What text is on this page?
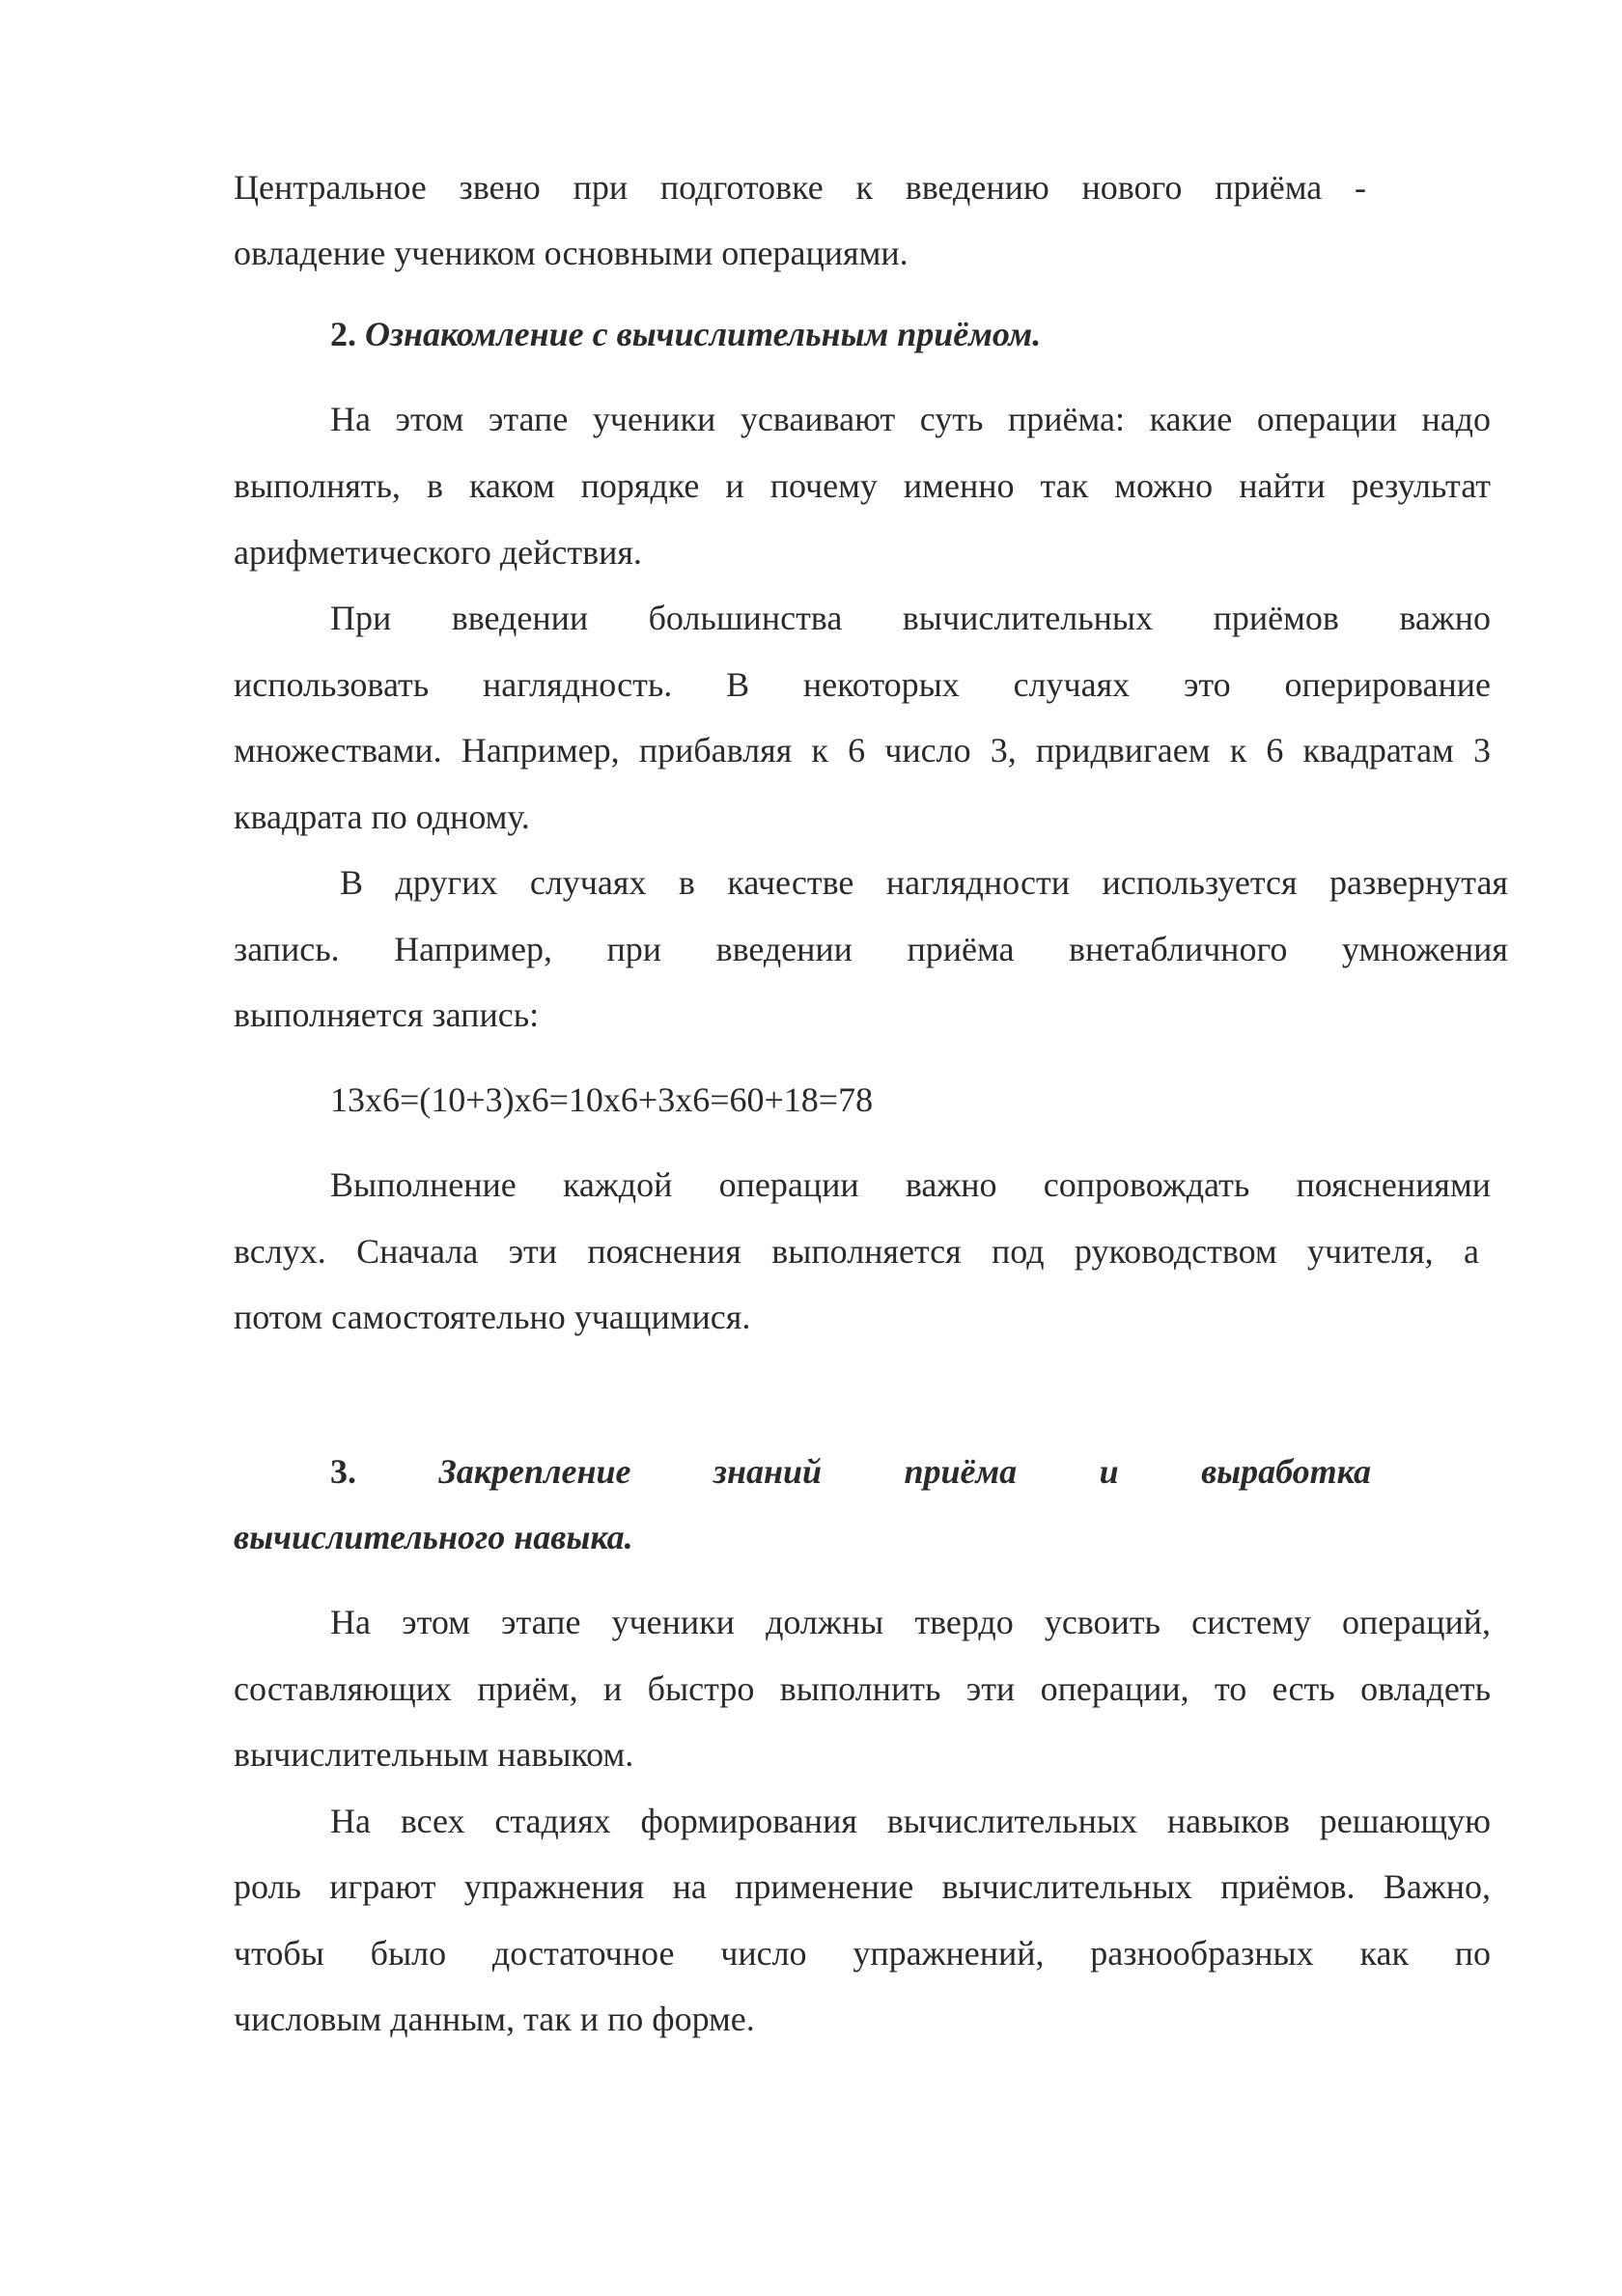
Центральное звено при подготовке к введению нового приёма -
овладение учеником основными операциями.
2. Ознакомление с вычислительным приёмом.
На этом этапе ученики усваивают суть приёма: какие операции надо
выполнять, в каком порядке и почему именно так можно найти результат
арифметического действия.
При введении большинства вычислительных приёмов важно
использовать наглядность. В некоторых случаях это оперирование
множествами. Например, прибавляя к 6 число 3, придвигаем к 6 квадратам 3
квадрата по одному.
В других случаях в качестве наглядности используется развернутая
запись. Например, при введении приёма внетабличного умножения
выполняется запись:
13х6=(10+3)х6=10х6+3х6=60+18=78
Выполнение каждой операции важно сопровождать пояснениями
вслух. Сначала эти пояснения выполняется под руководством учителя, а
потом самостоятельно учащимися.
3. Закрепление знаний приёма и выработка
вычислительного навыка.
На этом этапе ученики должны твердо усвоить систему операций,
составляющих приём, и быстро выполнить эти операции, то есть овладеть
вычислительным навыком.
На всех стадиях формирования вычислительных навыков решающую
роль играют упражнения на применение вычислительных приёмов. Важно,
чтобы было достаточное число упражнений, разнообразных как по
числовым данным, так и по форме.
